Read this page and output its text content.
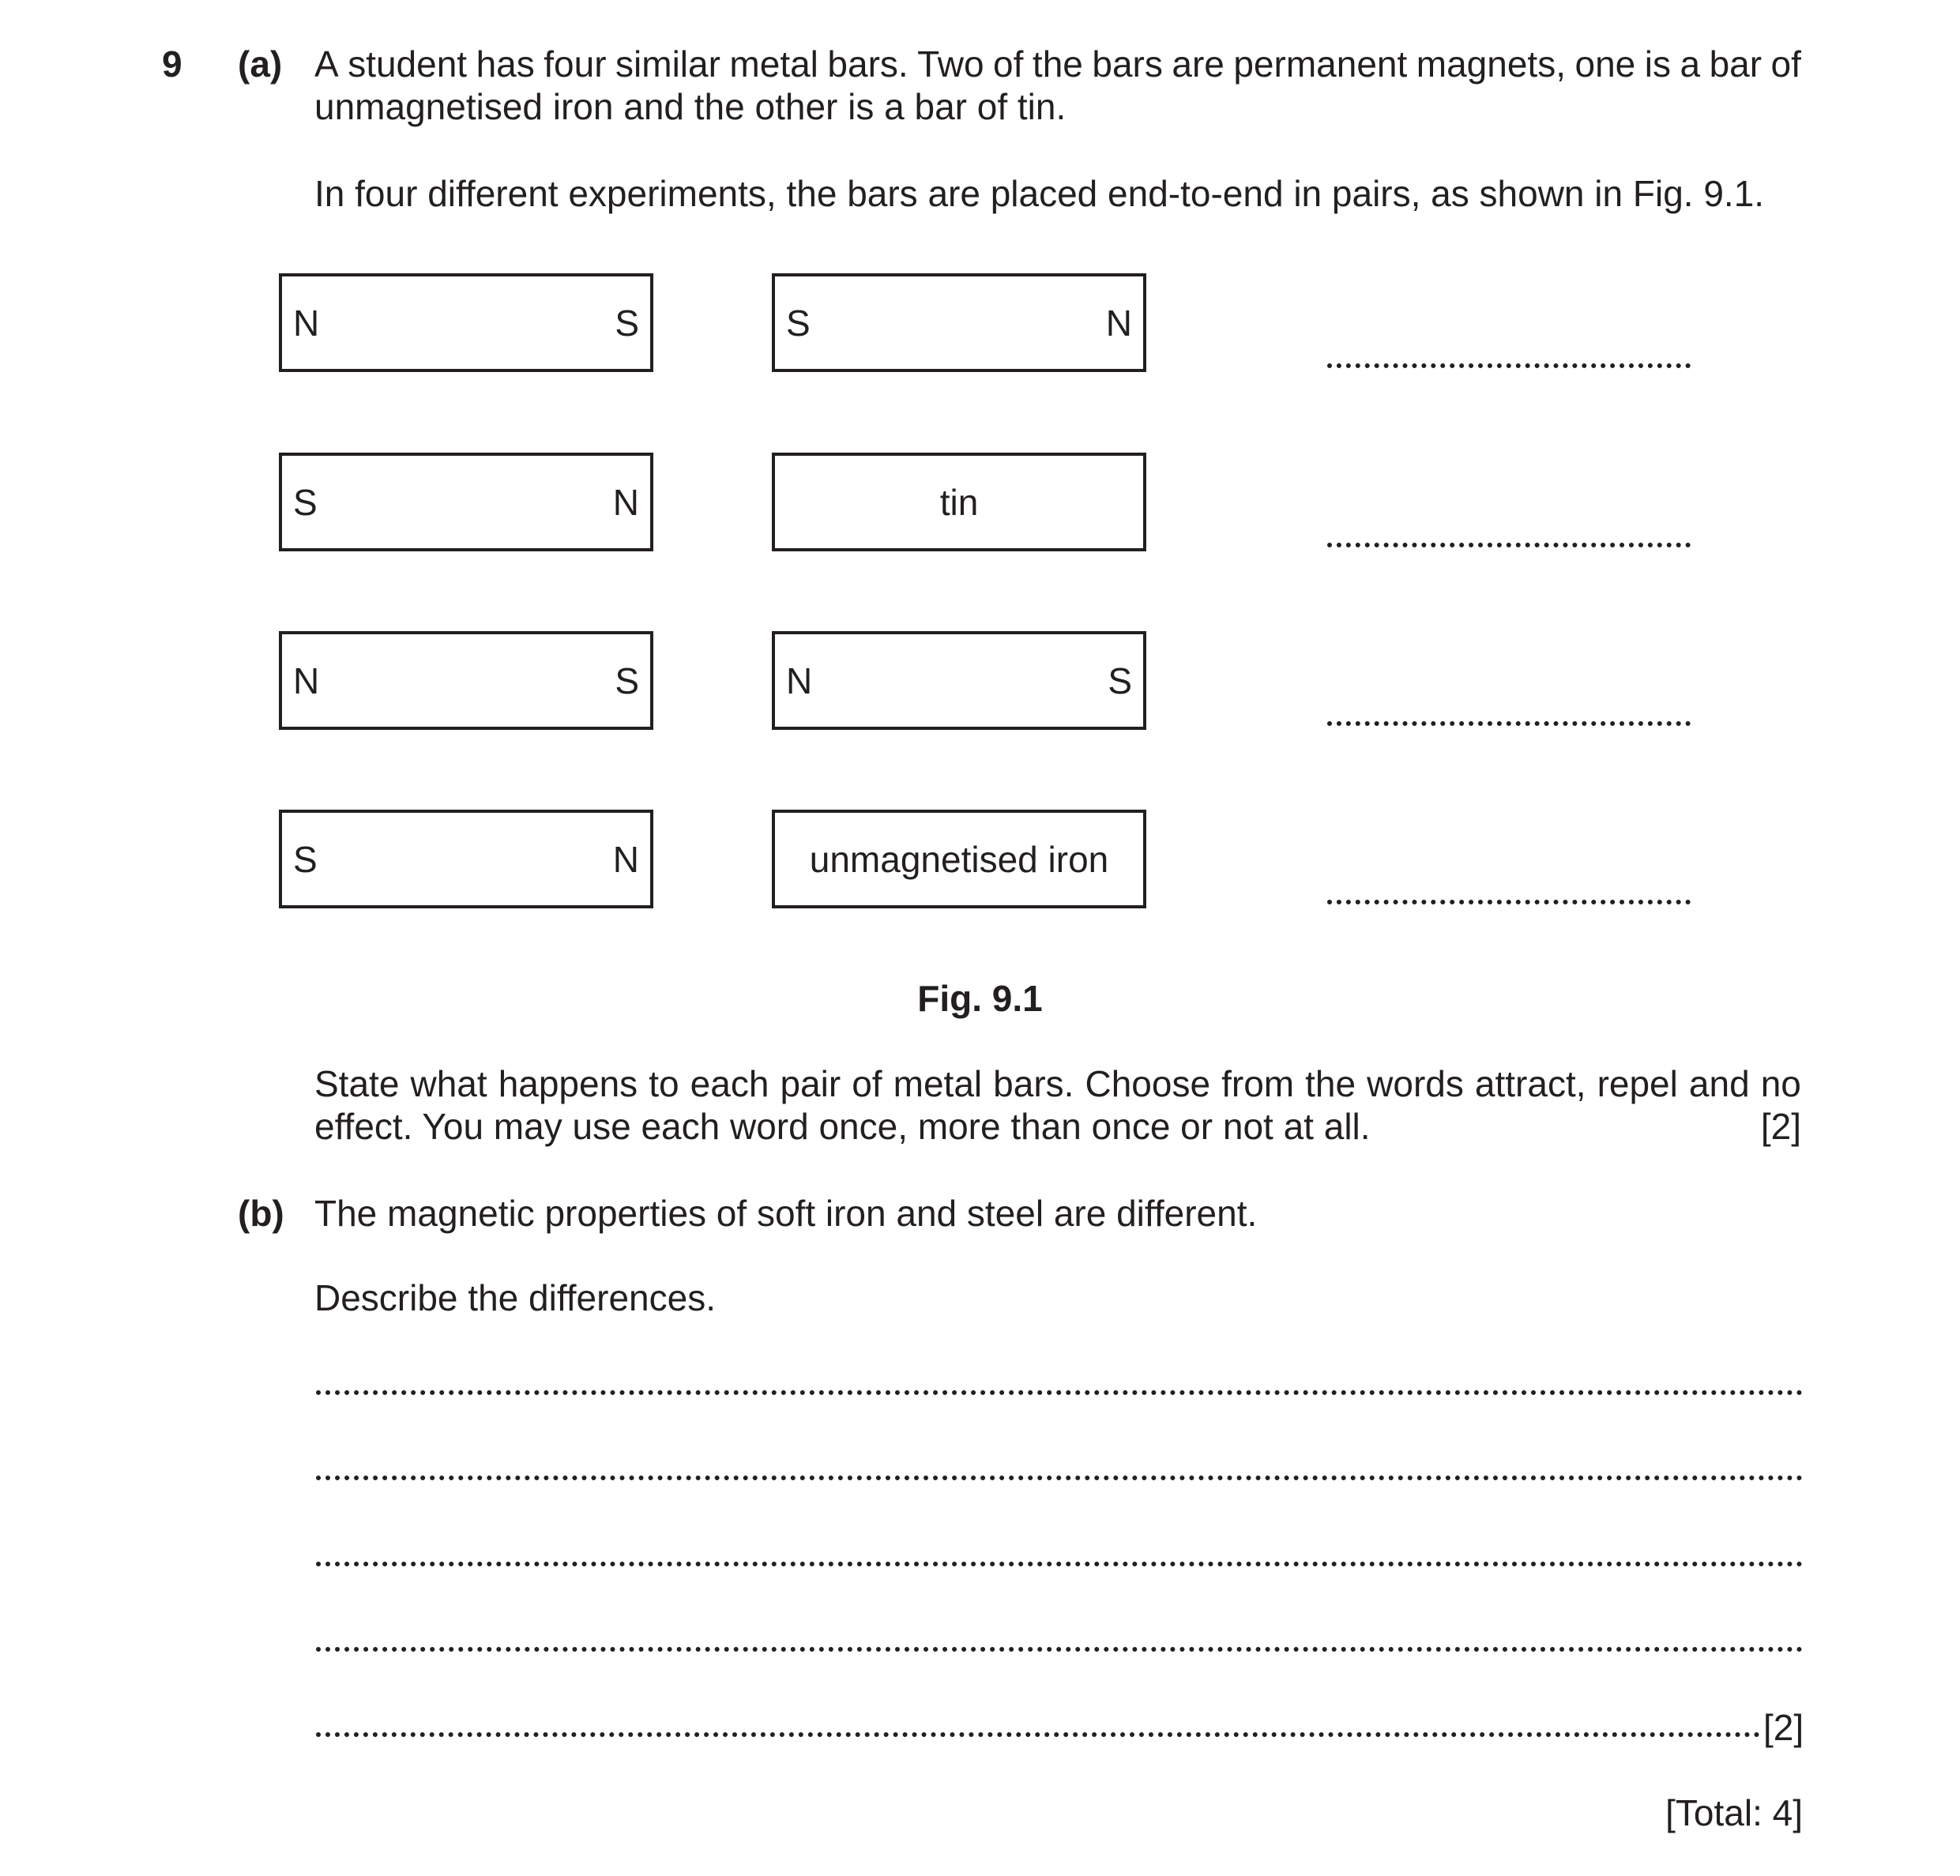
9 (a) A student has four similar metal bars. Two of the bars are permanent magnets, one is a bar of
unmagnetised iron and the other is a bar of tin.
In four different experiments, the bars are placed end-to-end in pairs, as shown in Fig. 9.1.
N	S	S	N
S	N	tin
N	S	N	S
S	N	unmagnetised iron
Fig. 9.1
State what happens to each pair of metal bars. Choose from the words attract, repel and no
effect. You may use each word once, more than once or not at all.	[2]
(b) The magnetic properties of soft iron and steel are different.
Describe the differences.
[2]
[Total: 4]
